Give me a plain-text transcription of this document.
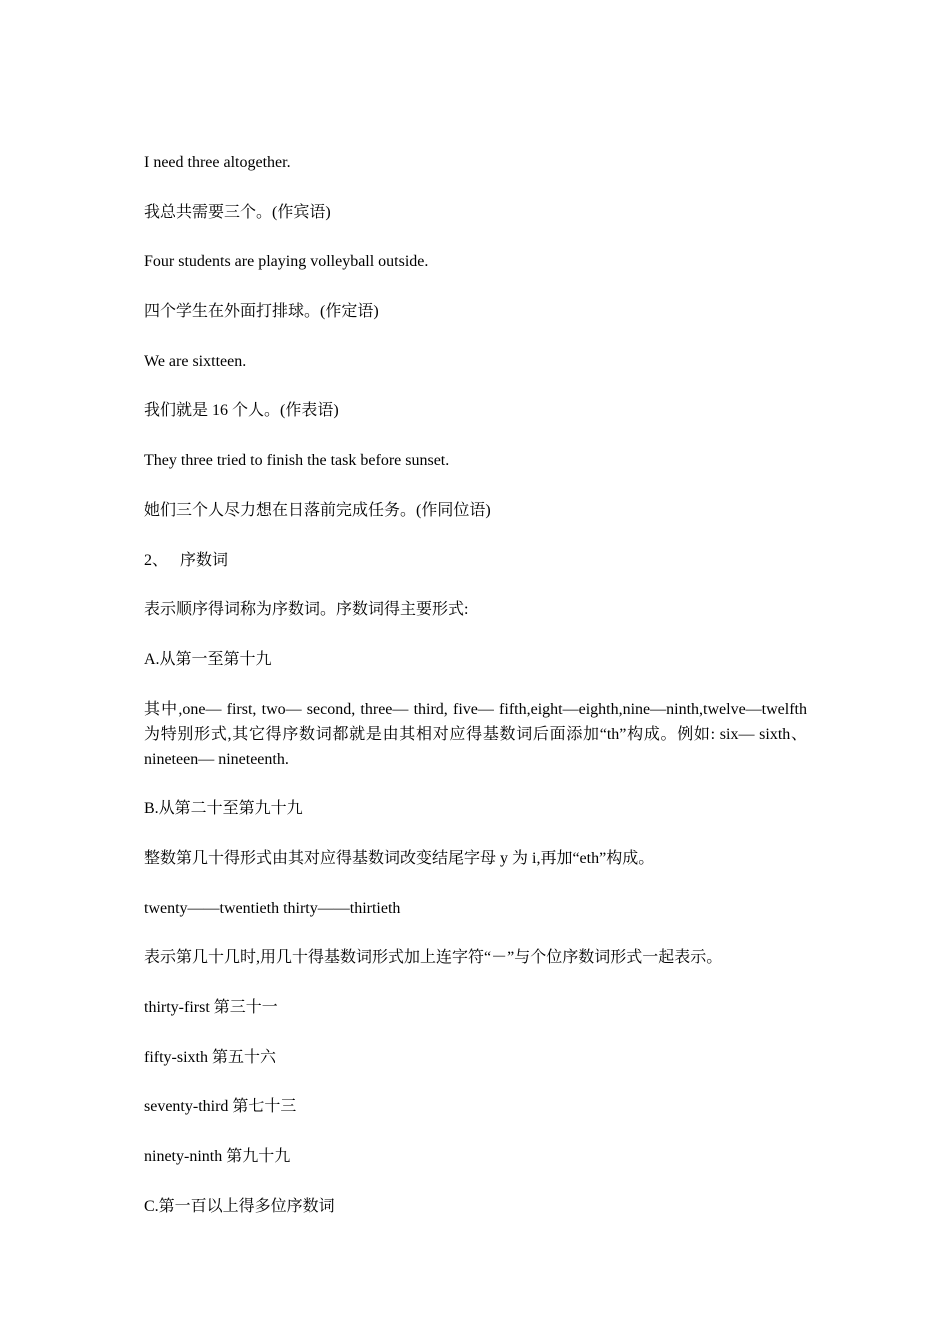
I need three altogether.

我总共需要三个。(作宾语)

Four students are playing volleyball outside.

四个学生在外面打排球。(作定语)

We are sixtteen.

我们就是 16 个人。(作表语)

They three tried to finish the task before sunset.

她们三个人尽力想在日落前完成任务。(作同位语)

2、 序数词

表示顺序得词称为序数词。序数词得主要形式:

A.从第一至第十九

其中,one— first, two— second, three— third, five— fifth,eight—eighth,nine—ninth,twelve—twelfth 为特别形式,其它得序数词都就是由其相对应得基数词后面添加“th”构成。例如: six— sixth、nineteen— nineteenth.

B.从第二十至第九十九

整数第几十得形式由其对应得基数词改变结尾字母 y 为 i,再加“eth”构成。

twenty——twentieth thirty——thirtieth

表示第几十几时,用几十得基数词形式加上连字符“－”与个位序数词形式一起表示。

thirty-first 第三十一

fifty-sixth 第五十六

seventy-third 第七十三

ninety-ninth 第九十九

C.第一百以上得多位序数词
